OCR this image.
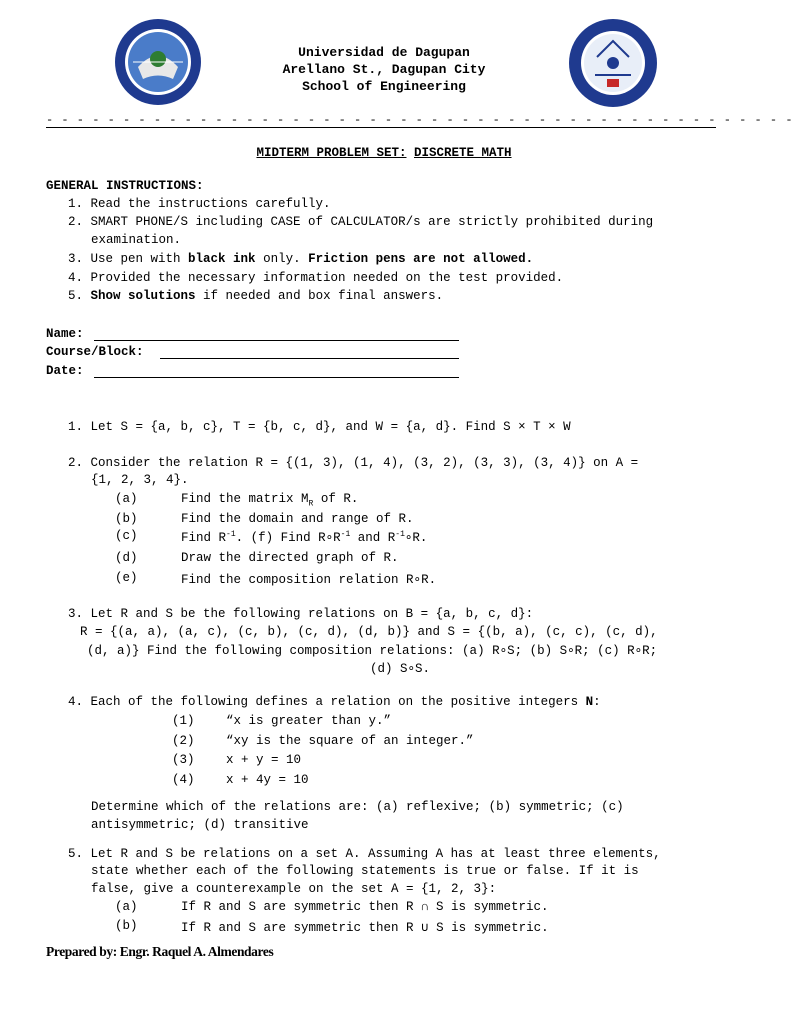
Universidad de Dagupan
Arellano St., Dagupan City
School of Engineering
- - - - - - - - - - - - - - - - - - - - - - - - - - - - - - - - - - - - - - - - - - - - - - - - -
MIDTERM PROBLEM SET: DISCRETE MATH
GENERAL INSTRUCTIONS:
1. Read the instructions carefully.
2. SMART PHONE/S including CASE of CALCULATOR/s are strictly prohibited during
examination.
3. Use pen with black ink only. Friction pens are not allowed.
4. Provided the necessary information needed on the test provided.
5. Show solutions if needed and box final answers.
Name:
Course/Block:
Date:
1. Let S = {a, b, c}, T = {b, c, d}, and W = {a, d}. Find S × T × W
2. Consider the relation R = {(1, 3), (1, 4), (3, 2), (3, 3), (3, 4)} on A =
{1, 2, 3, 4}.
(a)	Find the matrix $M_R$ of R.
(b)	Find the domain and range of R.
(c)	Find $R^{-1}$. (f) Find $R\circ R^{-1}$ and $R^{-1}\circ R$.
(d)	Draw the directed graph of R.
(e)	Find the composition relation R∘R.
3. Let R and S be the following relations on B = {a, b, c, d}:
R = {(a, a), (a, c), (c, b), (c, d), (d, b)} and S = {(b, a), (c, c), (c, d),
(d, a)} Find the following composition relations: (a) R∘S; (b) S∘R; (c) R∘R;
(d) S∘S.
4. Each of the following defines a relation on the positive integers N:
(1)	“x is greater than y.”
(2)	“xy is the square of an integer.”
(3)	x + y = 10
(4)	x + 4y = 10
Determine which of the relations are: (a) reflexive; (b) symmetric; (c)
antisymmetric; (d) transitive
5. Let R and S be relations on a set A. Assuming A has at least three elements,
state whether each of the following statements is true or false. If it is
false, give a counterexample on the set A = {1, 2, 3}:
(a)	If R and S are symmetric then R ∩ S is symmetric.
(b)	If R and S are symmetric then R ∪ S is symmetric.
Prepared by: Engr. Raquel A. Almendares
